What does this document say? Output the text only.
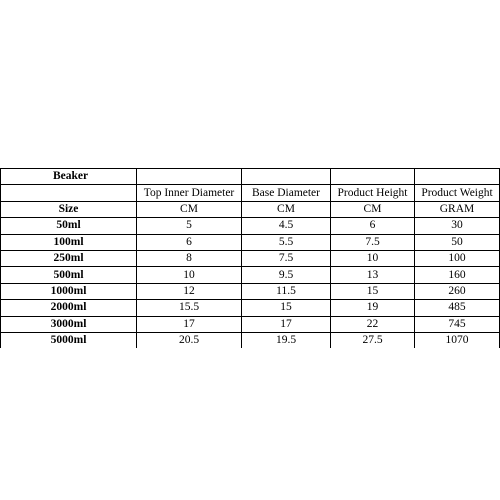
Beaker				
	Top Inner Diameter	Base Diameter	Product Height	Product Weight
Size	CM	CM	CM	GRAM
50ml	5	4.5	6	30
100ml	6	5.5	7.5	50
250ml	8	7.5	10	100
500ml	10	9.5	13	160
1000ml	12	11.5	15	260
2000ml	15.5	15	19	485
3000ml	17	17	22	745
5000ml	20.5	19.5	27.5	1070
